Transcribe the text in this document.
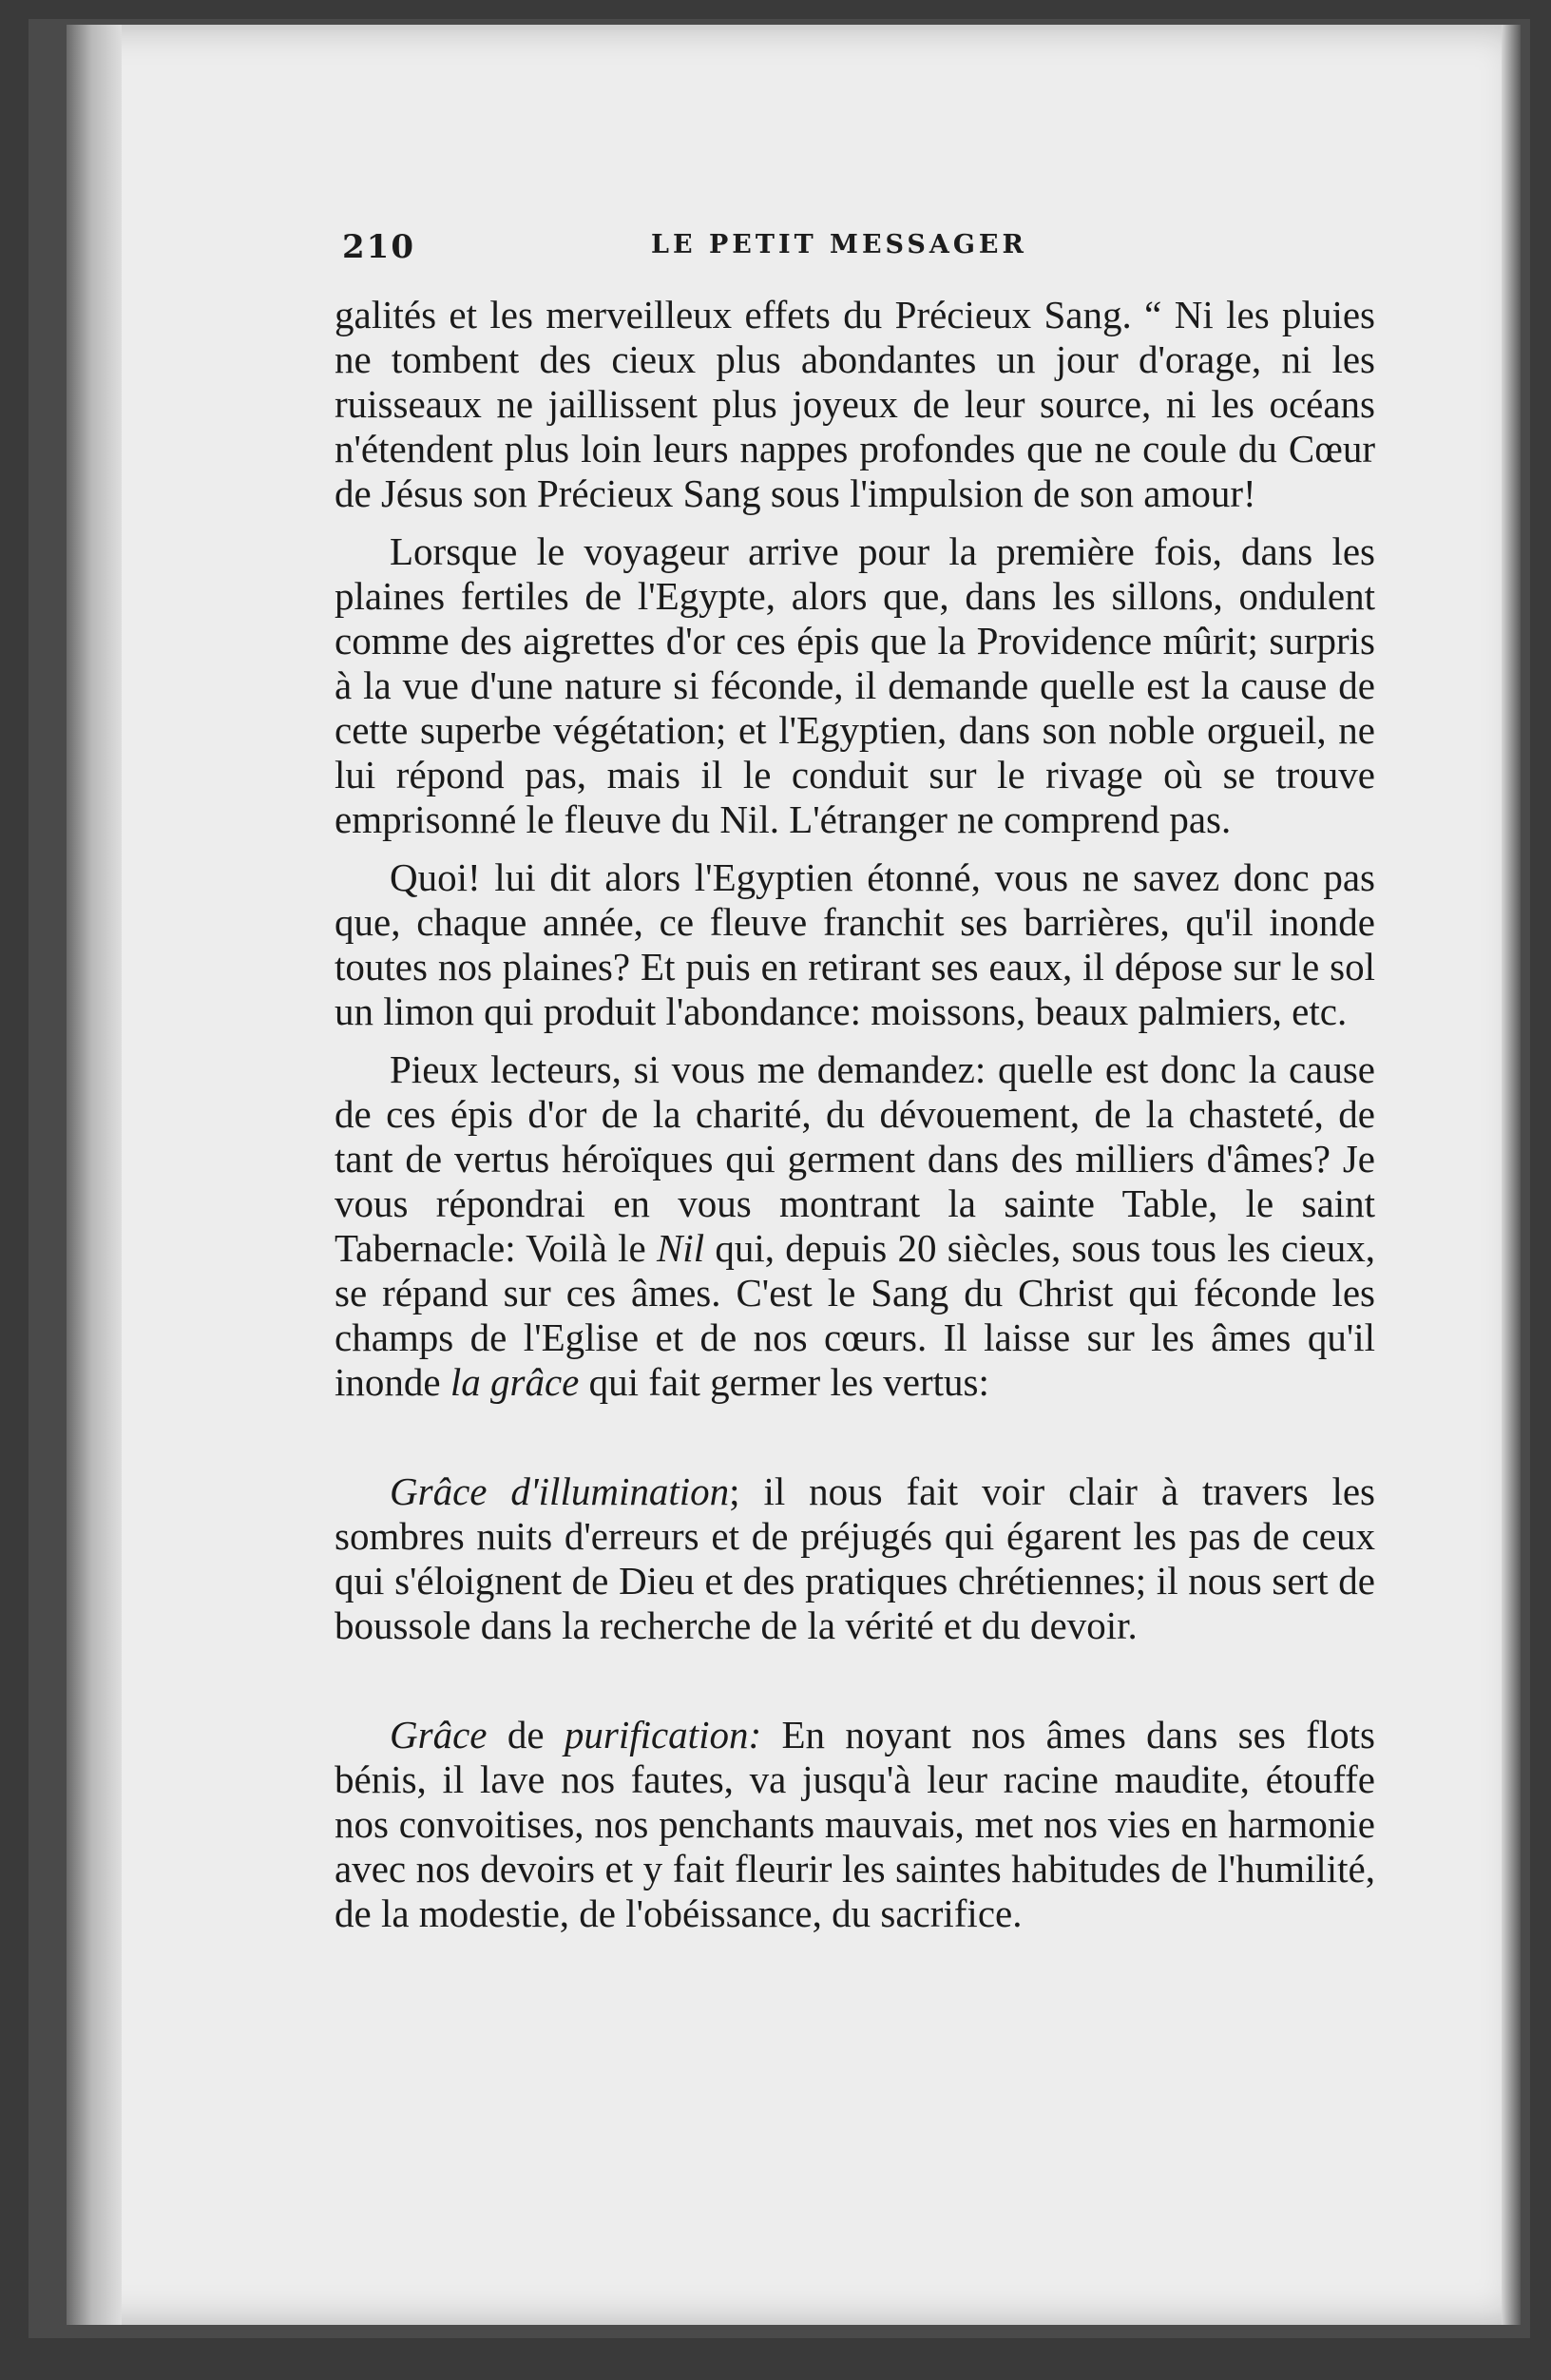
210	LE PETIT MESSAGER

galités et les merveilleux effets du Précieux Sang. “ Ni les pluies ne tombent des cieux plus abondantes un jour d'orage, ni les ruisseaux ne jaillissent plus joyeux de leur source, ni les océans n'étendent plus loin leurs nappes profondes que ne coule du Cœur de Jésus son Précieux Sang sous l'impulsion de son amour!

Lorsque le voyageur arrive pour la première fois, dans les plaines fertiles de l'Egypte, alors que, dans les sillons, ondulent comme des aigrettes d'or ces épis que la Providence mûrit; surpris à la vue d'une nature si féconde, il demande quelle est la cause de cette superbe végétation; et l'Egyptien, dans son noble orgueil, ne lui répond pas, mais il le conduit sur le rivage où se trouve emprisonné le fleuve du Nil. L'étranger ne comprend pas.

Quoi! lui dit alors l'Egyptien étonné, vous ne savez donc pas que, chaque année, ce fleuve franchit ses barrières, qu'il inonde toutes nos plaines? Et puis en retirant ses eaux, il dépose sur le sol un limon qui produit l'abondance: moissons, beaux palmiers, etc.

Pieux lecteurs, si vous me demandez: quelle est donc la cause de ces épis d'or de la charité, du dévouement, de la chasteté, de tant de vertus héroïques qui germent dans des milliers d'âmes? Je vous répondrai en vous montrant la sainte Table, le saint Tabernacle: Voilà le Nil qui, depuis 20 siècles, sous tous les cieux, se répand sur ces âmes. C'est le Sang du Christ qui féconde les champs de l'Eglise et de nos cœurs. Il laisse sur les âmes qu'il inonde la grâce qui fait germer les vertus:

Grâce d'illumination; il nous fait voir clair à travers les sombres nuits d'erreurs et de préjugés qui égarent les pas de ceux qui s'éloignent de Dieu et des pratiques chrétiennes; il nous sert de boussole dans la recherche de la vérité et du devoir.

Grâce de purification: En noyant nos âmes dans ses flots bénis, il lave nos fautes, va jusqu'à leur racine maudite, étouffe nos convoitises, nos penchants mauvais, met nos vies en harmonie avec nos devoirs et y fait fleurir les saintes habitudes de l'humilité, de la modestie, de l'obéissance, du sacrifice.
